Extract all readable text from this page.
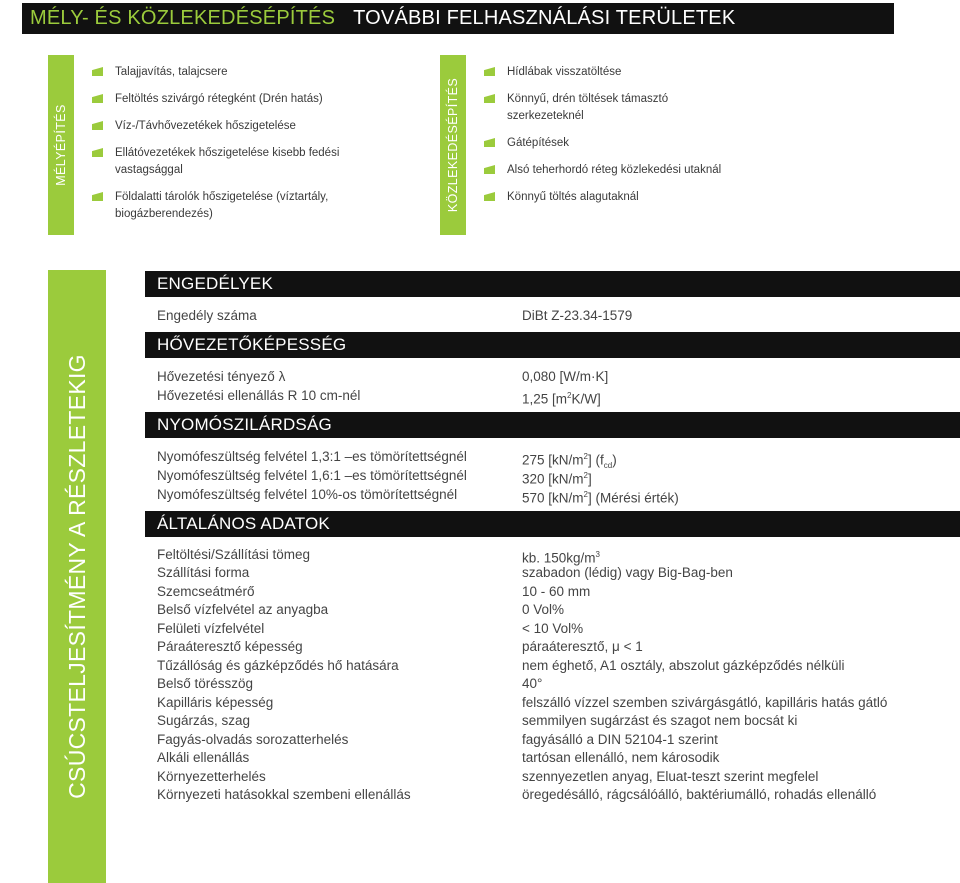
MÉLY- ÉS KÖZLEKEDÉSÉPÍTÉS TOVÁBBI FELHASZNÁLÁSI TERÜLETEK
MÉLYÉPÍTÉS
Talajjavítás, talajcsere
Feltöltés szivárgó rétegként (Drén hatás)
Víz-/Távhővezetékek hőszigetelése
Ellátóvezetékek hőszigetelése kisebb fedési vastagsággal
Földalatti tárolók hőszigetelése (víztartály, biogázberendezés)
KÖZLEKEDÉSÉPÍTÉS
Hídlábak visszatöltése
Könnyű, drén töltések támasztó szerkezeteknél
Gátépítések
Alsó teherhordó réteg közlekedési utaknál
Könnyű töltés alagutaknál
CSÚCSTELJESÍTMÉNY A RÉSZLETEKIG
ENGEDÉLYEK
Engedély száma	DiBt Z-23.34-1579
HŐVEZETŐKÉPESSÉG
Hővezetési tényező λ	0,080 [W/m·K]
Hővezetési ellenállás R 10 cm-nél	1,25 $[m^2K/W]$
NYOMÓSZILÁRDSÁG
Nyomófeszültség felvétel 1,3:1 –es tömörítettségnél	275 $[kN/m^2]$ $(f_{cd})$
Nyomófeszültség felvétel 1,6:1 –es tömörítettségnél	320 $[kN/m^2]$
Nyomófeszültség felvétel 10%-os tömörítettségnél	570 $[kN/m^2]$ (Mérési érték)
ÁLTALÁNOS ADATOK
Feltöltési/Szállítási tömeg	kb. $150kg/m^3$
Szállítási forma	szabadon (lédig) vagy Big-Bag-ben
Szemcseátmérő	10 - 60 mm
Belső vízfelvétel az anyagba	0 Vol%
Felületi vízfelvétel	< 10 Vol%
Páraáteresztő képesség	páraáteresztő, μ < 1
Tűzállóság és gázképződés hő hatására	nem éghető, A1 osztály, abszolut gázképződés nélküli
Belső törésszög	40°
Kapilláris képesség	felszálló vízzel szemben szivárgásgátló, kapilláris hatás gátló
Sugárzás, szag	semmilyen sugárzást és szagot nem bocsát ki
Fagyás-olvadás sorozatterhelés	fagyásálló a DIN 52104-1 szerint
Alkáli ellenállás	tartósan ellenálló, nem károsodik
Környezetterhelés	szennyezetlen anyag, Eluat-teszt szerint megfelel
Környezeti hatásokkal szembeni ellenállás	öregedésálló, rágcsálóálló, baktériumálló, rohadás ellenálló
